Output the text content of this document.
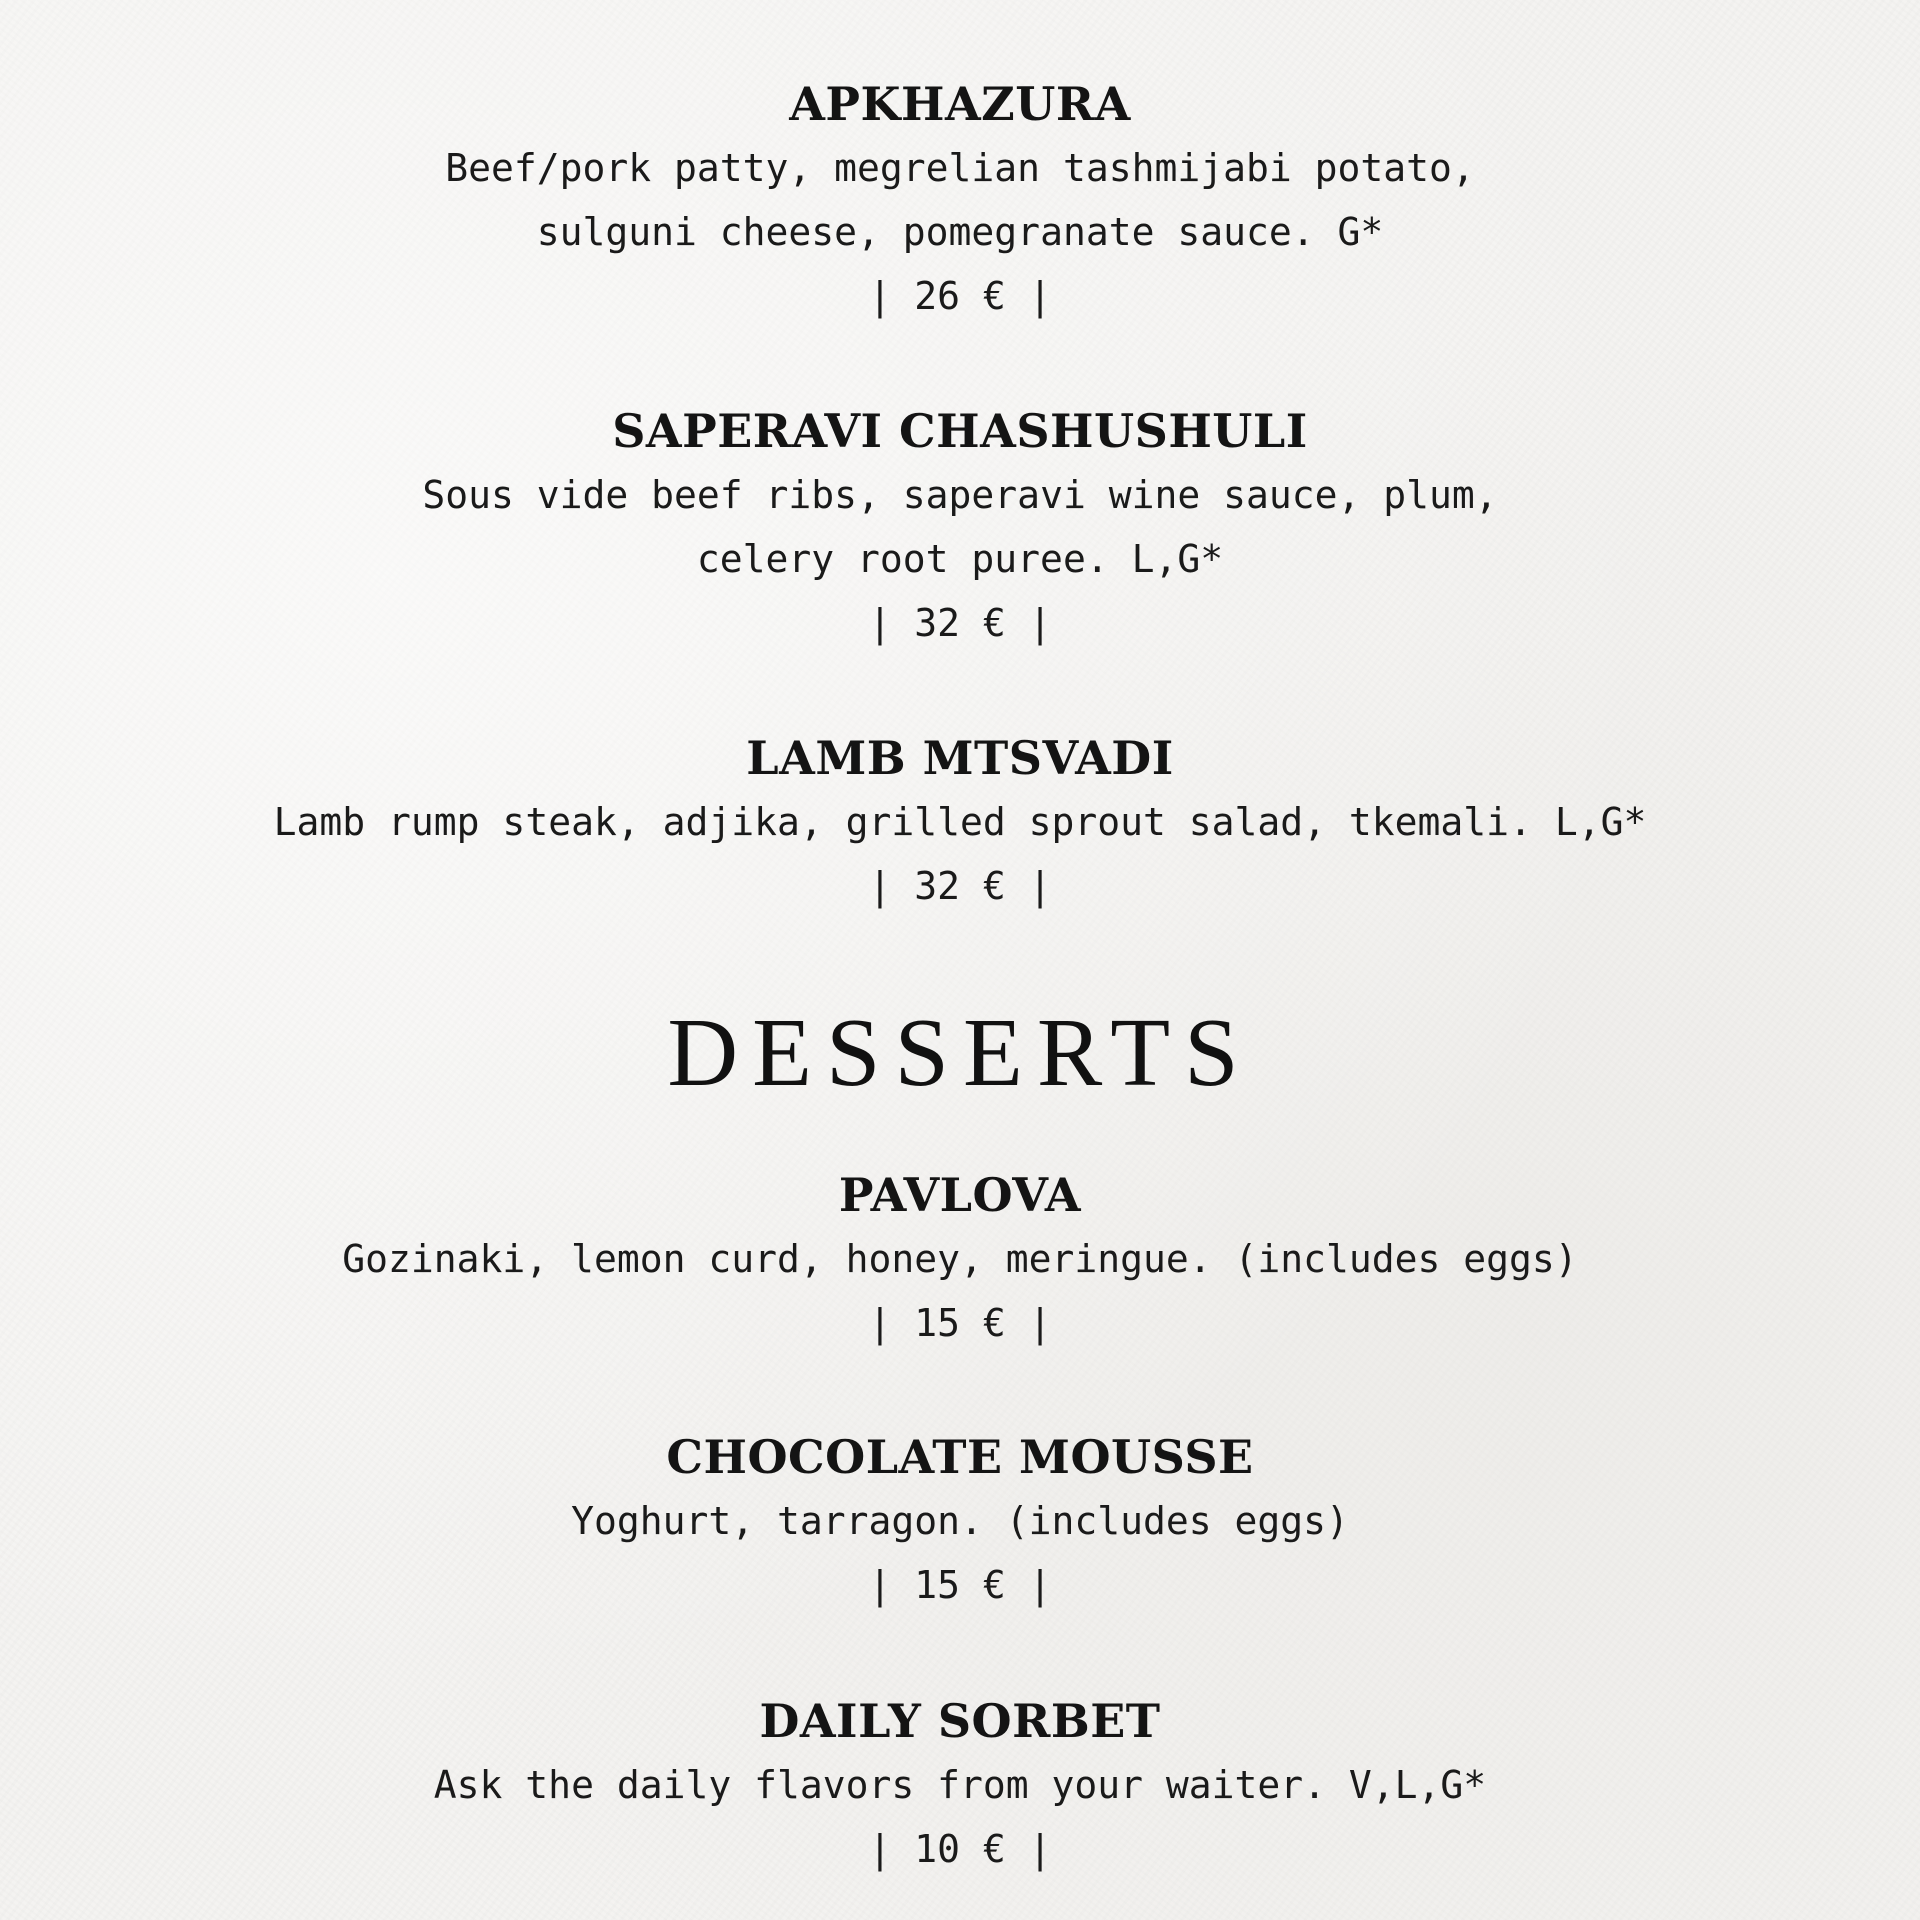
APKHAZURA

Beef/pork patty, megrelian tashmijabi potato,
sulguni cheese, pomegranate sauce. G*

| 26 € |

SAPERAVI CHASHUSHULI

Sous vide beef ribs, saperavi wine sauce, plum,
celery root puree. L,G*

| 32 € |

LAMB MTSVADI

Lamb rump steak, adjika, grilled sprout salad, tkemali. L,G*

| 32 € |

DESSERTS
PAVLOVA

Gozinaki, lemon curd, honey, meringue. (includes eggs)

| 15 € |

CHOCOLATE MOUSSE

Yoghurt, tarragon. (includes eggs)

| 15 € |

DAILY SORBET

Ask the daily flavors from your waiter. V,L,G*

| 10 € |
